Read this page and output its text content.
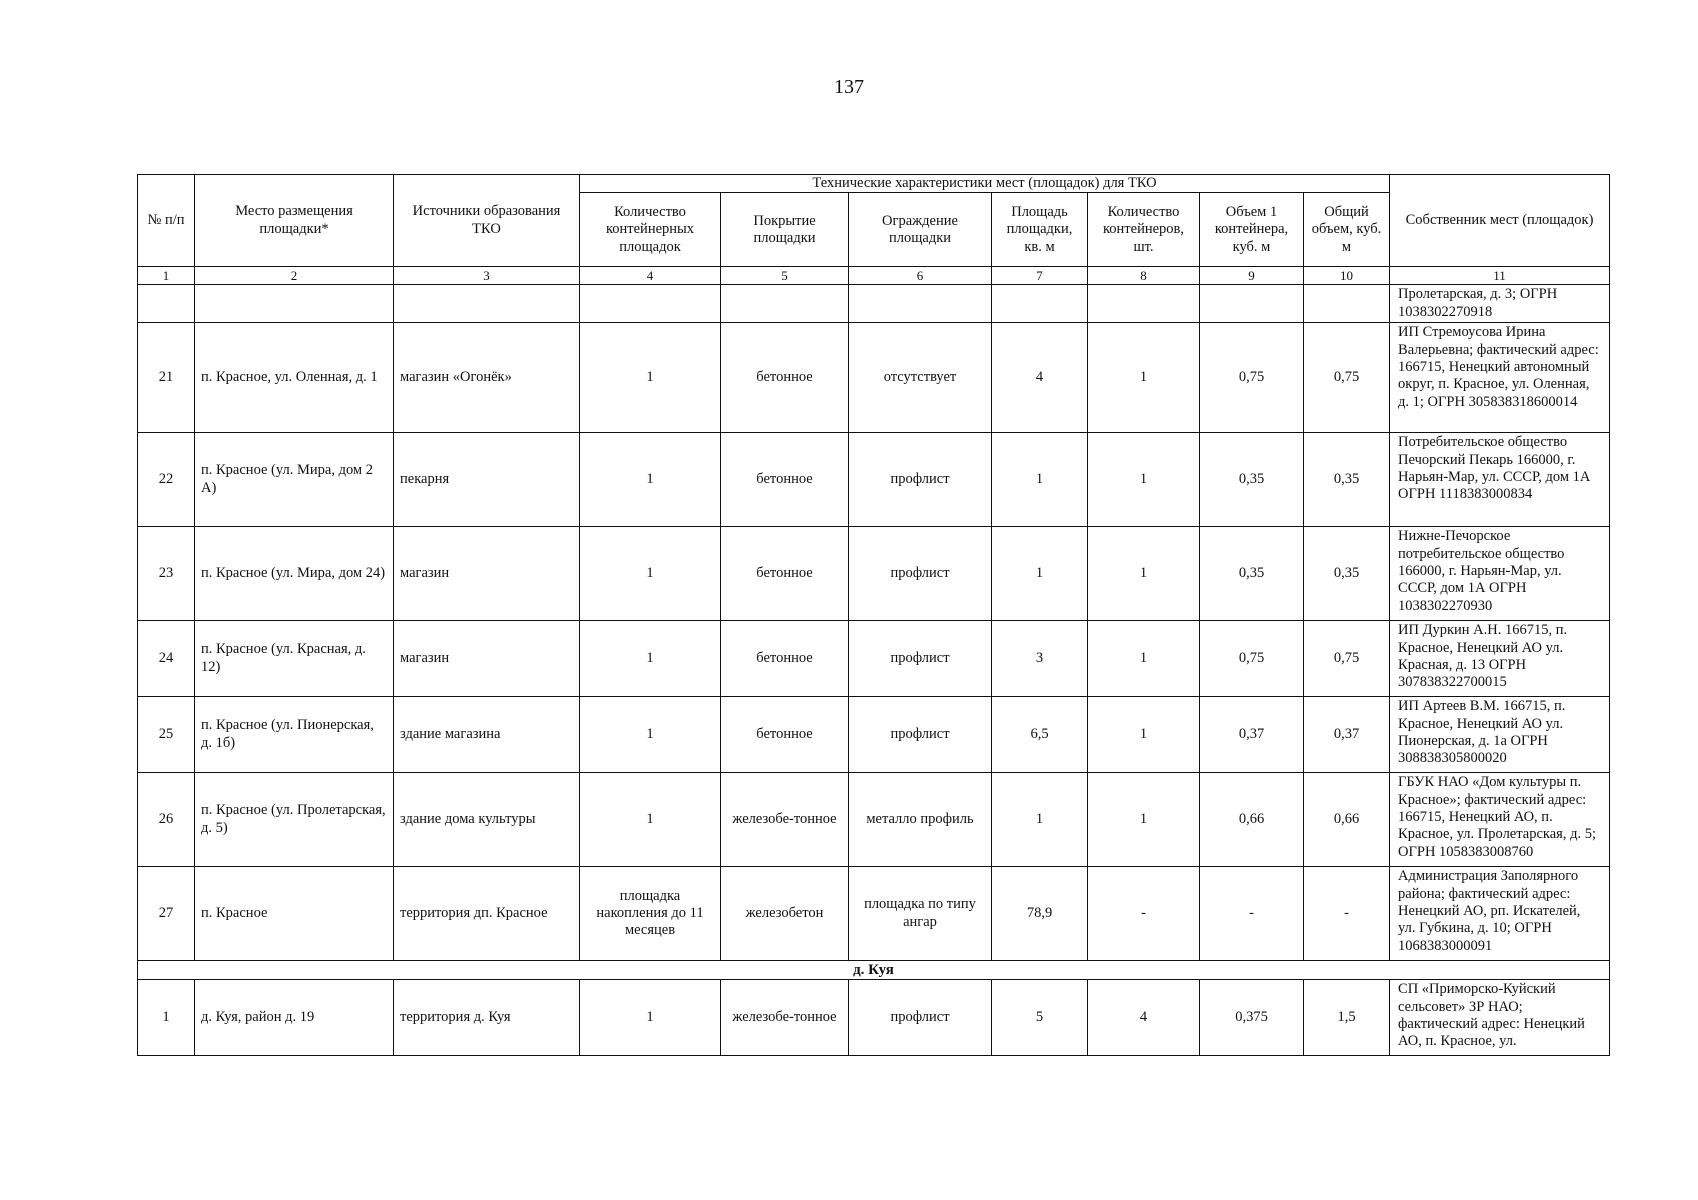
137
№ п/п	Место размещения площадки*	Источники образования ТКО	Технические характеристики мест (площадок) для ТКО							Собственник мест (площадок)
			Количество контейнерных площадок	Покрытие площадки	Ограждение площадки	Площадь площадки, кв. м	Количество контейнеров, шт.	Объем 1 контейнера, куб. м	Общий объем, куб. м	
1	2	3	4	5	6	7	8	9	10	11
										Пролетарская, д. 3; ОГРН 1038302270918
21	п. Красное, ул. Оленная, д. 1	магазин «Огонёк»	1	бетонное	отсутствует	4	1	0,75	0,75	ИП Стремоусова Ирина Валерьевна; фактический адрес: 166715, Ненецкий автономный округ, п. Красное, ул. Оленная, д. 1; ОГРН 305838318600014
22	п. Красное (ул. Мира, дом 2 А)	пекарня	1	бетонное	профлист	1	1	0,35	0,35	Потребительское общество Печорский Пекарь 166000, г. Нарьян-Мар, ул. СССР, дом 1А ОГРН 1118383000834
23	п. Красное (ул. Мира, дом 24)	магазин	1	бетонное	профлист	1	1	0,35	0,35	Нижне-Печорское потребительское общество 166000, г. Нарьян-Мар, ул. СССР, дом 1А ОГРН 1038302270930
24	п. Красное (ул. Красная, д. 12)	магазин	1	бетонное	профлист	3	1	0,75	0,75	ИП Дуркин А.Н. 166715, п. Красное, Ненецкий АО ул. Красная, д. 13 ОГРН 307838322700015
25	п. Красное (ул. Пионерская, д. 1б)	здание магазина	1	бетонное	профлист	6,5	1	0,37	0,37	ИП Артеев В.М. 166715, п. Красное, Ненецкий АО ул. Пионерская, д. 1а ОГРН 308838305800020
26	п. Красное (ул. Пролетарская, д. 5)	здание дома культуры	1	железобе-тонное	металло профиль	1	1	0,66	0,66	ГБУК НАО «Дом культуры п. Красное»; фактический адрес: 166715, Ненецкий АО, п. Красное, ул. Пролетарская, д. 5; ОГРН 1058383008760
27	п. Красное	территория дп. Красное	площадка накопления до 11 месяцев	железобетон	площадка по типу ангар	78,9	-	-	-	Администрация Заполярного района; фактический адрес: Ненецкий АО, рп. Искателей, ул. Губкина, д. 10; ОГРН 1068383000091
д. Куя										
1	д. Куя, район д. 19	территория д. Куя	1	железобе-тонное	профлист	5	4	0,375	1,5	СП «Приморско-Куйский сельсовет» ЗР НАО; фактический адрес: Ненецкий АО, п. Красное, ул.
